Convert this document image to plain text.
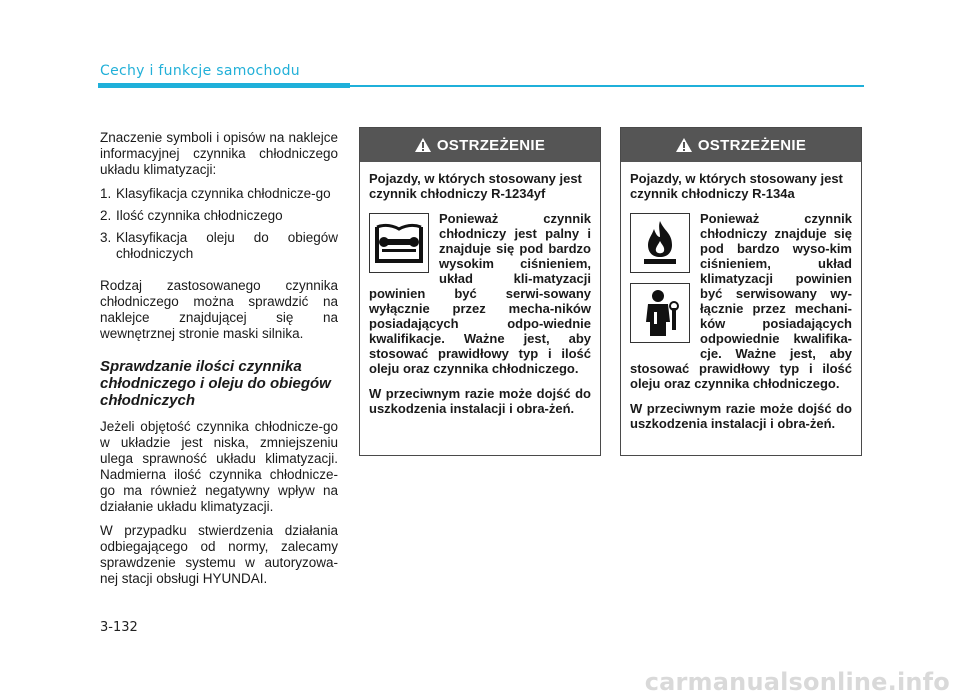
Cechy i funkcje samochodu

Znaczenie symboli i opisów na naklejce informacyjnej czynnika chłodniczego układu klimatyzacji:

1. Klasyfikacja czynnika chłodnicze-go
2. Ilość czynnika chłodniczego
3. Klasyfikacja oleju do obiegów chłodniczych

Rodzaj zastosowanego czynnika chłodniczego można sprawdzić na naklejce znajdującej się na wewnętrznej stronie maski silnika.

Sprawdzanie ilości czynnika chłodniczego i oleju do obiegów chłodniczych

Jeżeli objętość czynnika chłodnicze-go w układzie jest niska, zmniejszeniu ulega sprawność układu klimatyzacji. Nadmierna ilość czynnika chłodnicze-go ma również negatywny wpływ na działanie układu klimatyzacji.

W przypadku stwierdzenia działania odbiegającego od normy, zalecamy sprawdzenie systemu w autoryzowa-nej stacji obsługi HYUNDAI.

OSTRZEŻENIE

Pojazdy, w których stosowany jest czynnik chłodniczy R-1234yf

Ponieważ czynnik chłodniczy jest palny i znajduje się pod bardzo wysokim ciśnieniem, układ kli-matyzacji powinien być serwi-sowany wyłącznie przez mecha-ników posiadających odpo-wiednie kwalifikacje. Ważne jest, aby stosować prawidłowy typ i ilość oleju oraz czynnika chłodniczego.

W przeciwnym razie może dojść do uszkodzenia instalacji i obra-żeń.

OSTRZEŻENIE

Pojazdy, w których stosowany jest czynnik chłodniczy R-134a

Ponieważ czynnik chłodniczy znajduje się pod bardzo wyso-kim ciśnieniem, układ klimatyzacji powinien być serwisowany wy-łącznie przez mechani-ków posiadających odpowiednie kwalifika-cje. Ważne jest, aby stosować prawidłowy typ i ilość oleju oraz czynnika chłodniczego.

W przeciwnym razie może dojść do uszkodzenia instalacji i obra-żeń.

3-132
carmanualsonline.info
